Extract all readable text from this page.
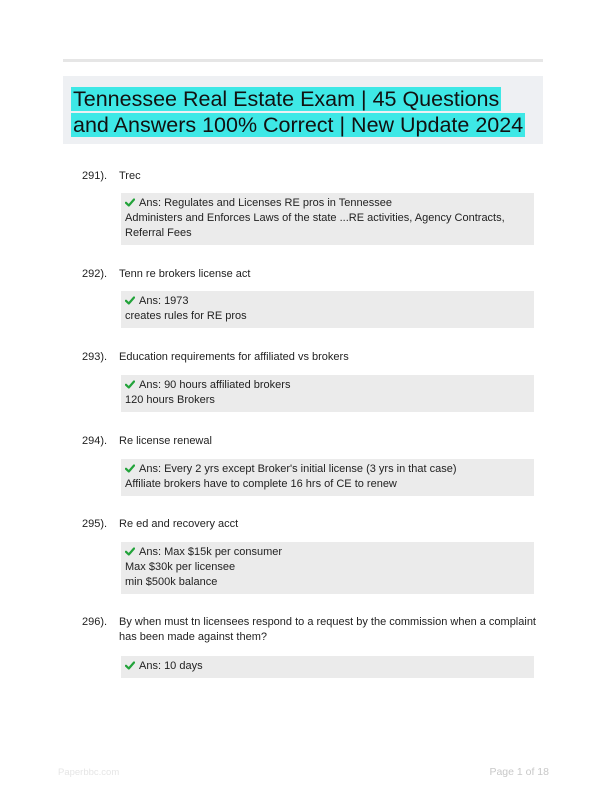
Tennessee Real Estate Exam | 45 Questions and Answers 100% Correct | New Update 2024
291). Trec

Ans: Regulates and Licenses RE pros in Tennessee

Administers and Enforces Laws of the state ...RE activities, Agency Contracts, Referral Fees

292). Tenn re brokers license act

Ans: 1973

creates rules for RE pros

293). Education requirements for affiliated vs brokers

Ans: 90 hours affiliated brokers

120 hours Brokers

294). Re license renewal

Ans: Every 2 yrs except Broker's initial license (3 yrs in that case)

Affiliate brokers have to complete 16 hrs of CE to renew

295). Re ed and recovery acct

Ans: Max $15k per consumer

Max $30k per licensee

min $500k balance

296). By when must tn licensees respond to a request by the commission when a complaint has been made against them?

Ans: 10 days

Paperbbc.com	Page 1 of 18
